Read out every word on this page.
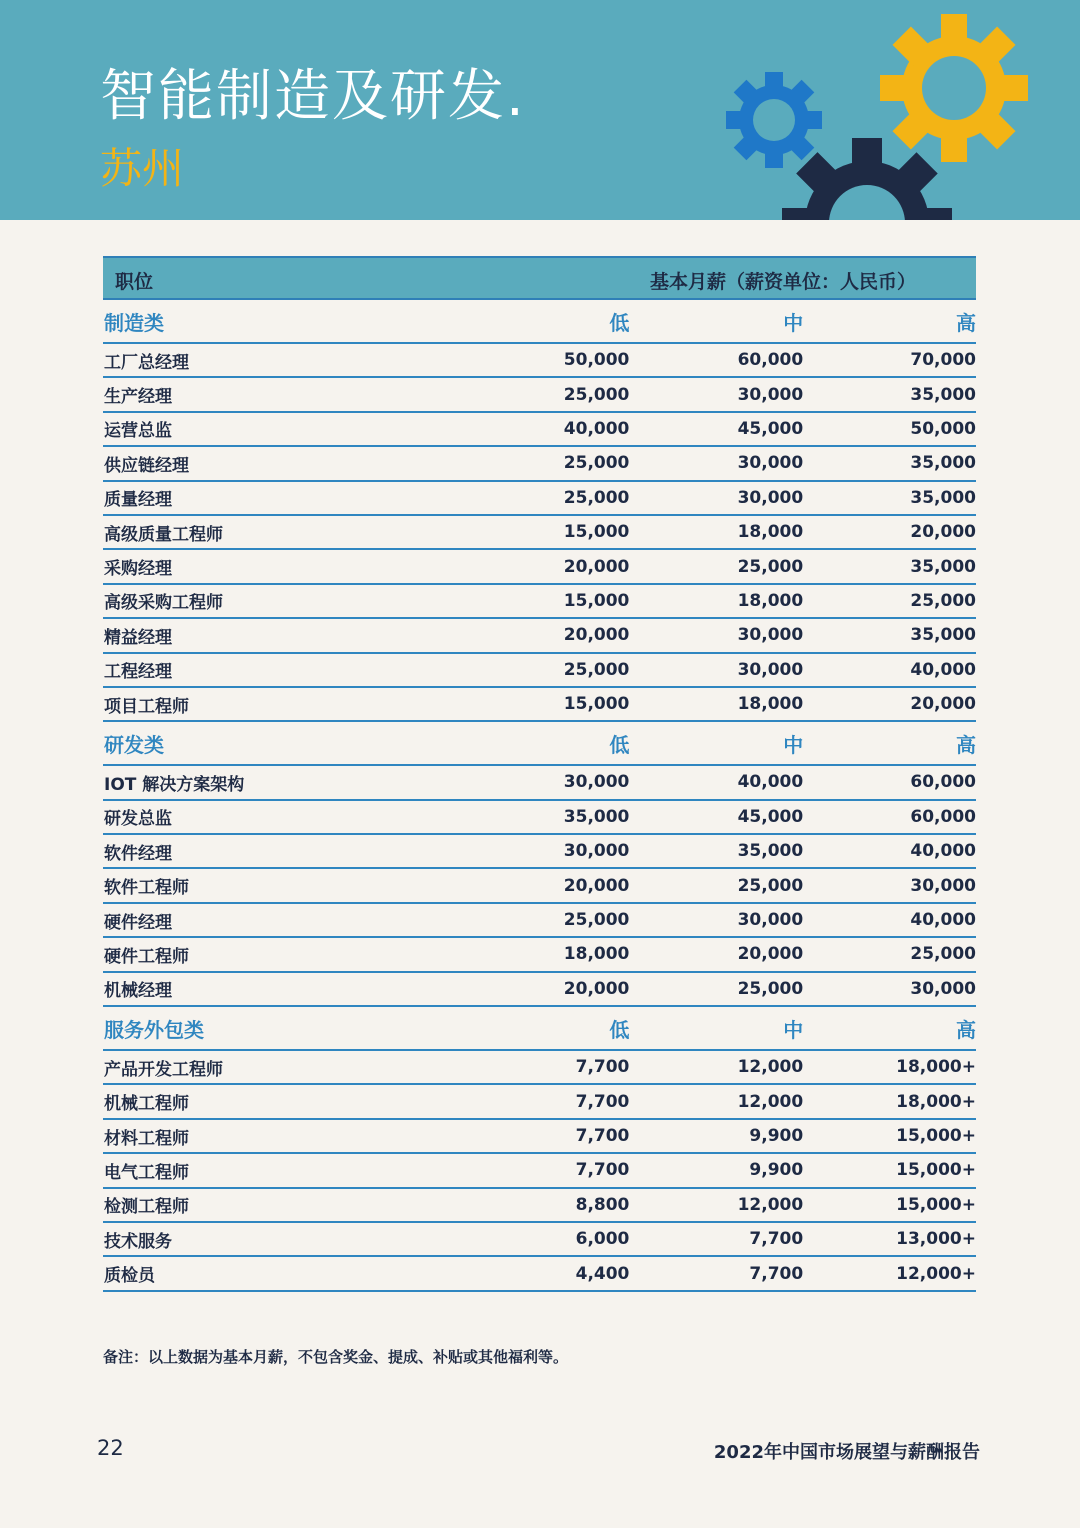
智能制造及研发.
苏州
职位	基本月薪（薪资单位：人民币）
制造类	低	中	高
工厂总经理	50,000	60,000	70,000
生产经理	25,000	30,000	35,000
运营总监	40,000	45,000	50,000
供应链经理	25,000	30,000	35,000
质量经理	25,000	30,000	35,000
高级质量工程师	15,000	18,000	20,000
采购经理	20,000	25,000	35,000
高级采购工程师	15,000	18,000	25,000
精益经理	20,000	30,000	35,000
工程经理	25,000	30,000	40,000
项目工程师	15,000	18,000	20,000
研发类	低	中	高
IOT 解决方案架构	30,000	40,000	60,000
研发总监	35,000	45,000	60,000
软件经理	30,000	35,000	40,000
软件工程师	20,000	25,000	30,000
硬件经理	25,000	30,000	40,000
硬件工程师	18,000	20,000	25,000
机械经理	20,000	25,000	30,000
服务外包类	低	中	高
产品开发工程师	7,700	12,000	18,000+
机械工程师	7,700	12,000	18,000+
材料工程师	7,700	9,900	15,000+
电气工程师	7,700	9,900	15,000+
检测工程师	8,800	12,000	15,000+
技术服务	6,000	7,700	13,000+
质检员	4,400	7,700	12,000+
备注：以上数据为基本月薪，不包含奖金、提成、补贴或其他福利等。
22	2022年中国市场展望与薪酬报告
